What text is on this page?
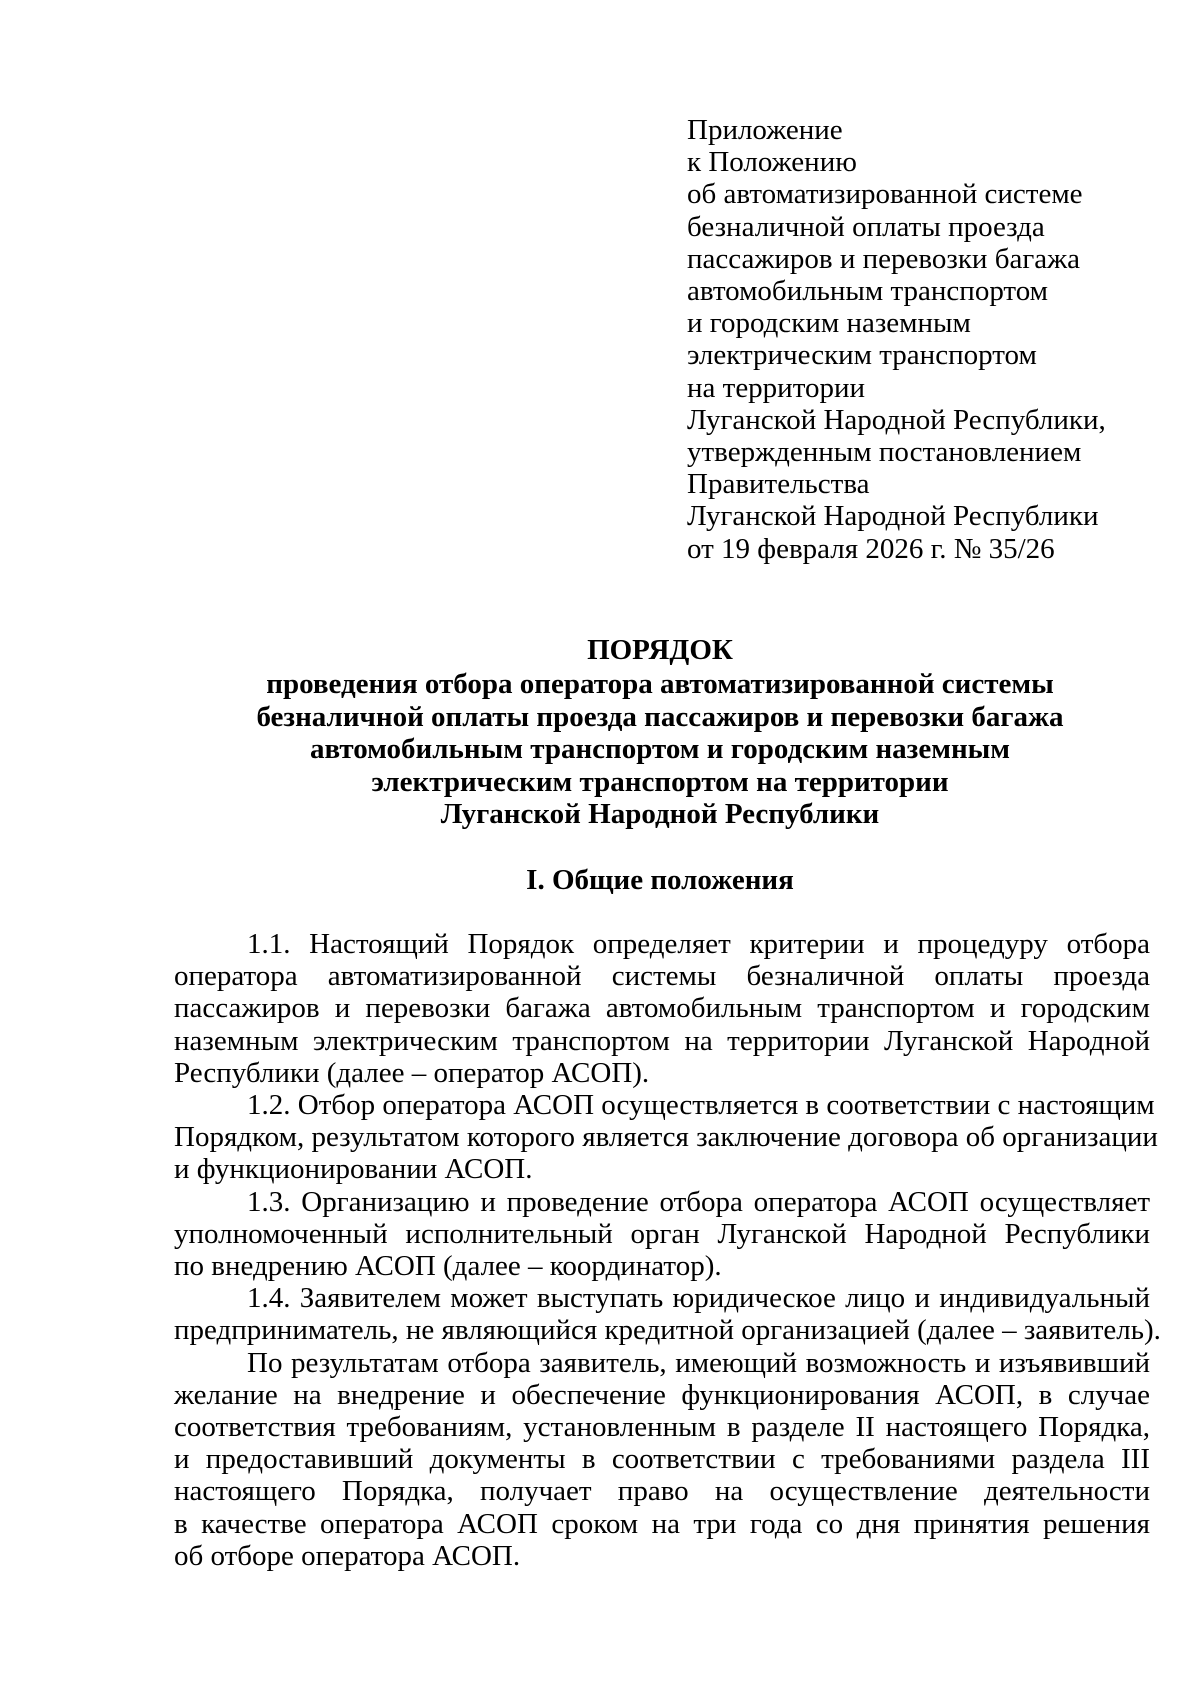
Приложение
к Положению
об автоматизированной системе
безналичной оплаты проезда
пассажиров и перевозки багажа
автомобильным транспортом
и городским наземным
электрическим транспортом
на территории
Луганской Народной Республики,
утвержденным постановлением
Правительства
Луганской Народной Республики
от 19 февраля 2026 г. № 35/26
ПОРЯДОК
проведения отбора оператора автоматизированной системы
безналичной оплаты проезда пассажиров и перевозки багажа
автомобильным транспортом и городским наземным
электрическим транспортом на территории
Луганской Народной Республики
I. Общие положения
1.1. Настоящий Порядок определяет критерии и процедуру отбора
оператора автоматизированной системы безналичной оплаты проезда
пассажиров и перевозки багажа автомобильным транспортом и городским
наземным электрическим транспортом на территории Луганской Народной
Республики (далее – оператор АСОП).
1.2. Отбор оператора АСОП осуществляется в соответствии с настоящим
Порядком, результатом которого является заключение договора об организации
и функционировании АСОП.
1.3. Организацию и проведение отбора оператора АСОП осуществляет
уполномоченный исполнительный орган Луганской Народной Республики
по внедрению АСОП (далее – координатор).
1.4. Заявителем может выступать юридическое лицо и индивидуальный
предприниматель, не являющийся кредитной организацией (далее – заявитель).
По результатам отбора заявитель, имеющий возможность и изъявивший
желание на внедрение и обеспечение функционирования АСОП, в случае
соответствия требованиям, установленным в разделе II настоящего Порядка,
и предоставивший документы в соответствии с требованиями раздела III
настоящего Порядка, получает право на осуществление деятельности
в качестве оператора АСОП сроком на три года со дня принятия решения
об отборе оператора АСОП.
